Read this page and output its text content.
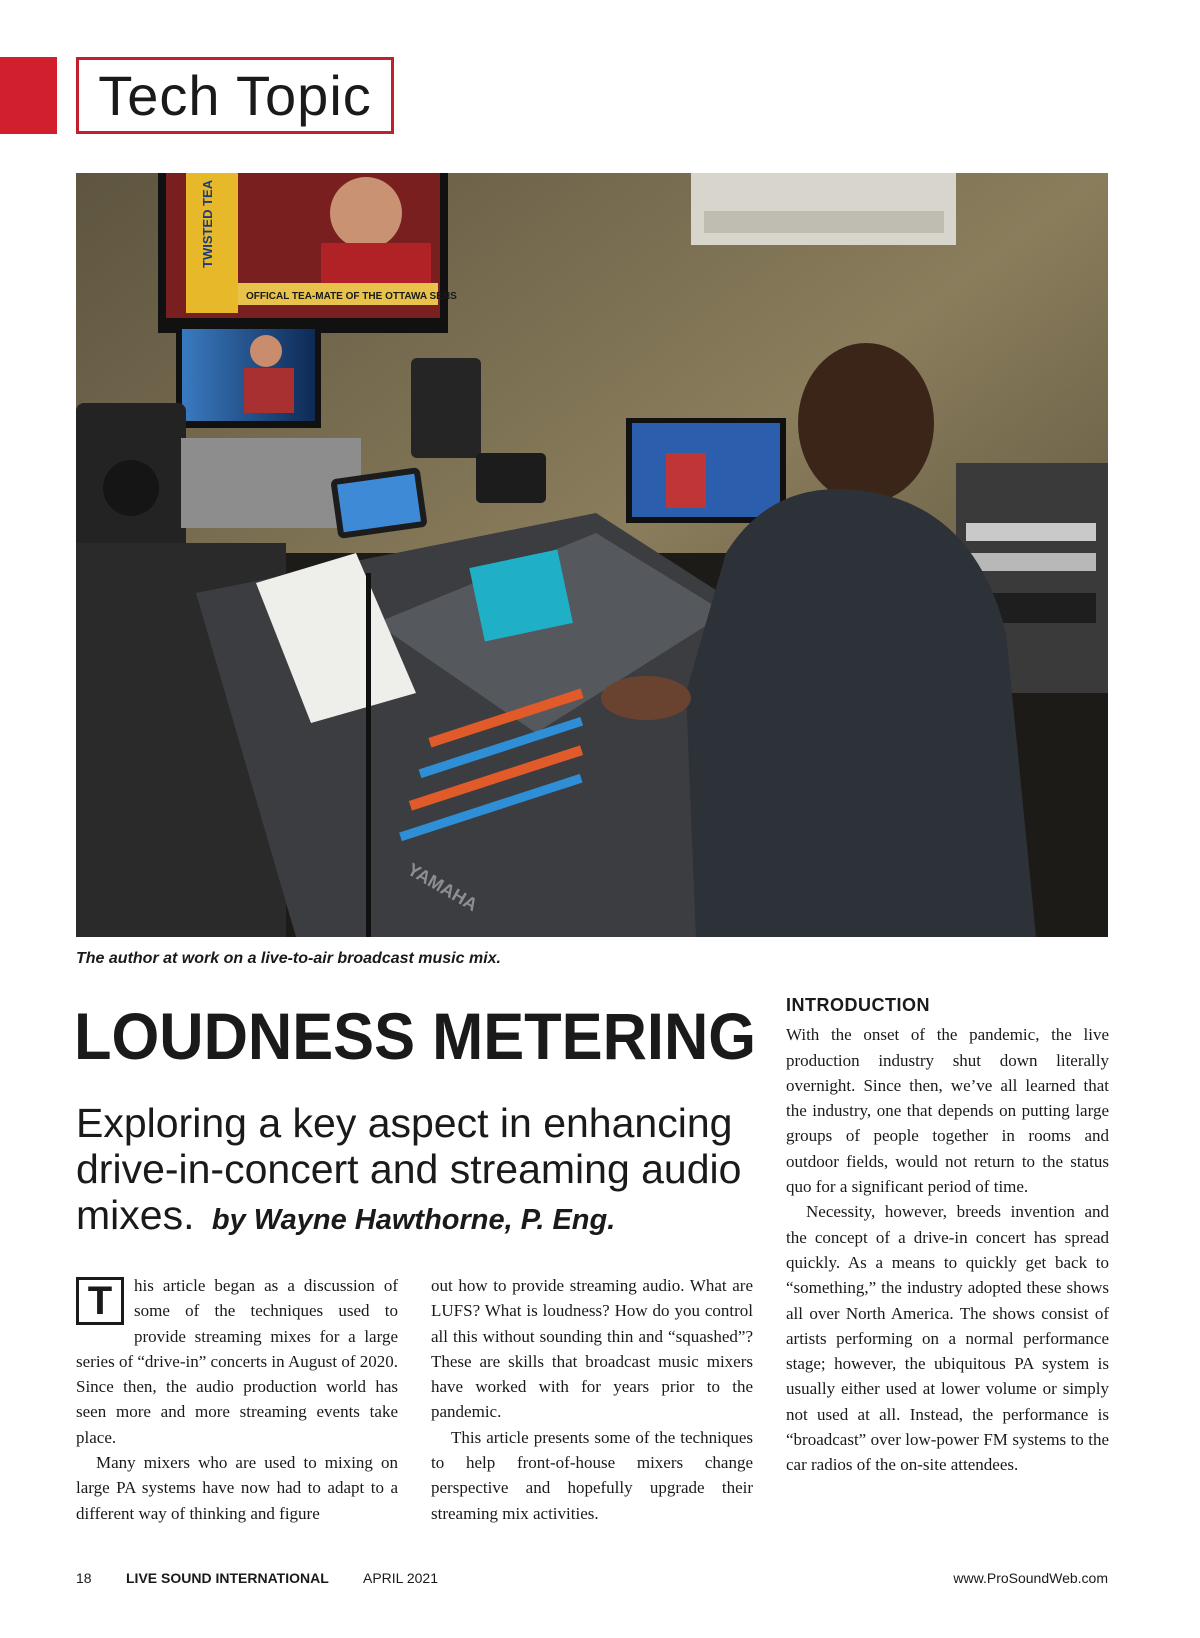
Tech Topic
TWISTED TEA
OFFICAL TEA-MATE OF THE OTTAWA SENS
YAMAHA
The author at work on a live-to-air broadcast music mix.
LOUDNESS METERING
Exploring a key aspect in enhancing drive-in-concert and streaming audio mixes. by Wayne Hawthorne, P. Eng.

T	his article began as a discussion of some of the techniques used to provide streaming mixes for a large series of “drive-in” concerts in August of 2020. Since then, the audio production world has seen more and more streaming events take place.

Many mixers who are used to mixing on large PA systems have now had to adapt to a different way of thinking and figure

out how to provide streaming audio. What are LUFS? What is loudness? How do you control all this without sounding thin and “squashed”? These are skills that broadcast music mixers have worked with for years prior to the pandemic.

This article presents some of the techniques to help front-of-house mixers change perspective and hopefully upgrade their streaming mix activities.

INTRODUCTION

With the onset of the pandemic, the live production industry shut down literally overnight. Since then, we’ve all learned that the industry, one that depends on putting large groups of people together in rooms and outdoor fields, would not return to the status quo for a significant period of time.

Necessity, however, breeds invention and the concept of a drive-in concert has spread quickly. As a means to quickly get back to “something,” the industry adopted these shows all over North America. The shows consist of artists performing on a normal performance stage; however, the ubiquitous PA system is usually either used at lower volume or simply not used at all. Instead, the performance is “broadcast” over low-power FM systems to the car radios of the on-site attendees.

18 LIVE SOUND INTERNATIONAL APRIL 2021	www.ProSoundWeb.com
